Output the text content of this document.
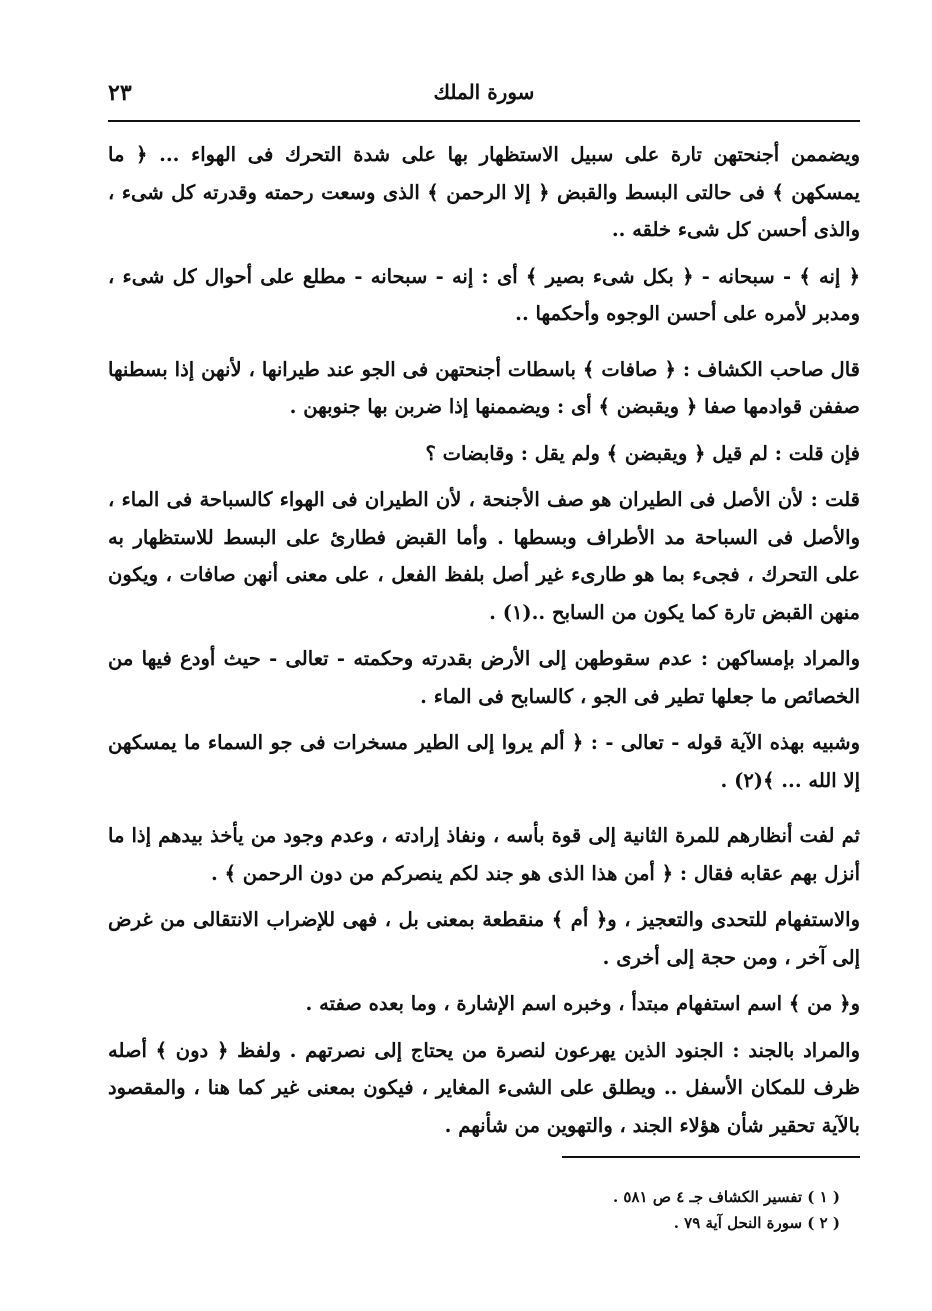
سورة الملك
٢٣

ويضممن أجنحتهن تارة على سبيل الاستظهار بها على شدة التحرك فى الهواء ... ﴿ ما يمسكهن ﴾ فى حالتى البسط والقبض ﴿ إلا الرحمن ﴾ الذى وسعت رحمته وقدرته كل شىء ، والذى أحسن كل شىء خلقه ..

﴿ إنه ﴾ - سبحانه - ﴿ بكل شىء بصير ﴾ أى : إنه - سبحانه - مطلع على أحوال كل شىء ، ومدبر لأمره على أحسن الوجوه وأحكمها ..

قال صاحب الكشاف : ﴿ صافات ﴾ باسطات أجنحتهن فى الجو عند طيرانها ، لأنهن إذا بسطنها صففن قوادمها صفا ﴿ ويقبضن ﴾ أى : ويضممنها إذا ضربن بها جنوبهن .

فإن قلت : لم قيل ﴿ ويقبضن ﴾ ولم يقل : وقابضات ؟

قلت : لأن الأصل فى الطيران هو صف الأجنحة ، لأن الطيران فى الهواء كالسباحة فى الماء ، والأصل فى السباحة مد الأطراف وبسطها . وأما القبض فطارئ على البسط للاستظهار به على التحرك ، فجىء بما هو طارىء غير أصل بلفظ الفعل ، على معنى أنهن صافات ، ويكون منهن القبض تارة كما يكون من السابح ..(١) .

والمراد بإمساكهن : عدم سقوطهن إلى الأرض بقدرته وحكمته - تعالى - حيث أودع فيها من الخصائص ما جعلها تطير فى الجو ، كالسابح فى الماء .

وشبيه بهذه الآية قوله - تعالى - : ﴿ ألم يروا إلى الطير مسخرات فى جو السماء ما يمسكهن إلا الله ... ﴾(٢) .

ثم لفت أنظارهم للمرة الثانية إلى قوة بأسه ، ونفاذ إرادته ، وعدم وجود من يأخذ بيدهم إذا ما أنزل بهم عقابه فقال : ﴿ أمن هذا الذى هو جند لكم ينصركم من دون الرحمن ﴾ .

والاستفهام للتحدى والتعجيز ، و﴿ أم ﴾ منقطعة بمعنى بل ، فهى للإضراب الانتقالى من غرض إلى آخر ، ومن حجة إلى أخرى .

و﴿ من ﴾ اسم استفهام مبتدأ ، وخبره اسم الإشارة ، وما بعده صفته .

والمراد بالجند : الجنود الذين يهرعون لنصرة من يحتاج إلى نصرتهم . ولفظ ﴿ دون ﴾ أصله ظرف للمكان الأسفل .. ويطلق على الشىء المغاير ، فيكون بمعنى غير كما هنا ، والمقصود بالآية تحقير شأن هؤلاء الجند ، والتهوين من شأنهم .

( ١ ) تفسير الكشاف جـ ٤ ص ٥٨١ .

( ٢ ) سورة النحل آية ٧٩ .
